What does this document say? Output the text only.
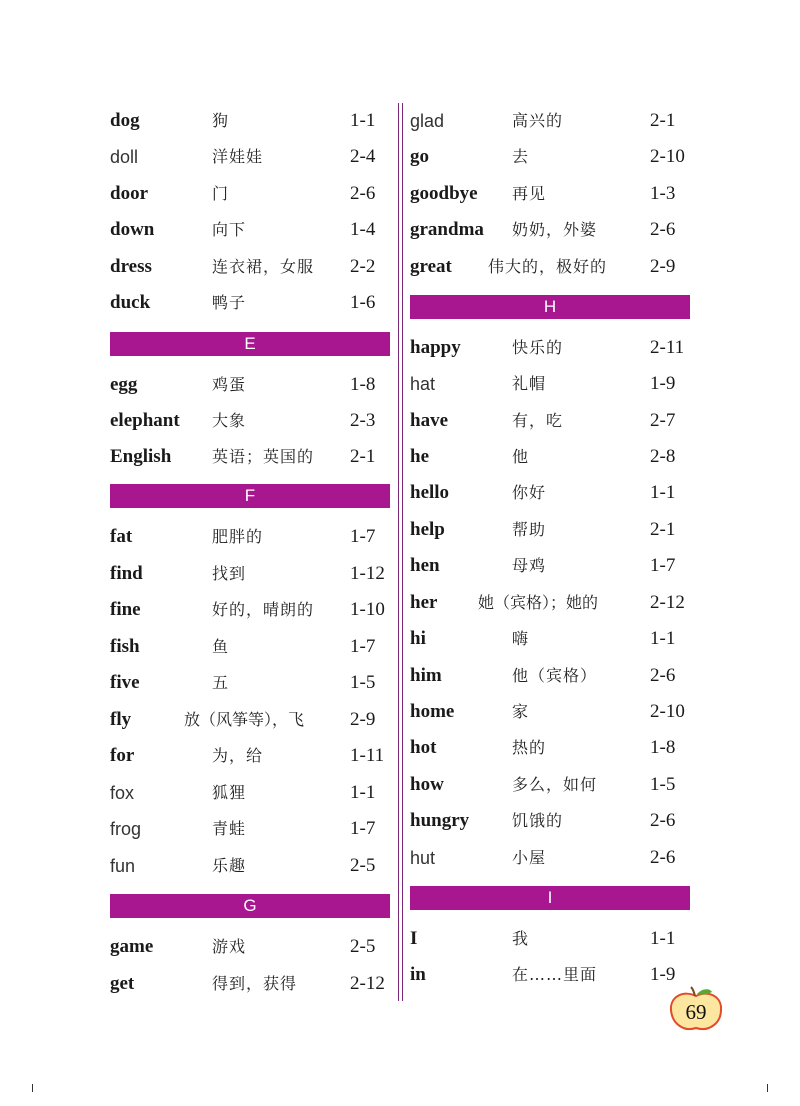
dog	狗	1-1
doll	洋娃娃	2-4
door	门	2-6
down	向下	1-4
dress	连衣裙，女服 2-2
duck	鸭子	1-6
E
egg	鸡蛋	1-8
elephant 大象	2-3
English	英语；英国的 2-1
F
fat	肥胖的	1-7
find	找到	1-12
fine	好的，晴朗的 1-10
fish	鱼	1-7
five	五	1-5
fly	放（风筝等），飞 2-9
for	为，给	1-11
fox	狐狸	1-1
frog	青蛙	1-7
fun	乐趣	2-5
G
game	游戏	2-5
get	得到，获得	2-12
glad	高兴的	2-1
go	去	2-10
goodbye 再见	1-3
grandma 奶奶，外婆	2-6
great 伟大的，极好的 2-9
H
happy	快乐的	2-11
hat	礼帽	1-9
have	有，吃	2-7
he	他	2-8
hello	你好	1-1
help	帮助	2-1
hen	母鸡	1-7
her	她（宾格）；她的	2-12
hi	嗨	1-1
him	他（宾格）	2-6
home	家	2-10
hot	热的	1-8
how	多么，如何	1-5
hungry	饥饿的	2-6
hut	小屋	2-6
I
I	我	1-1
in	在……里面	1-9
69
